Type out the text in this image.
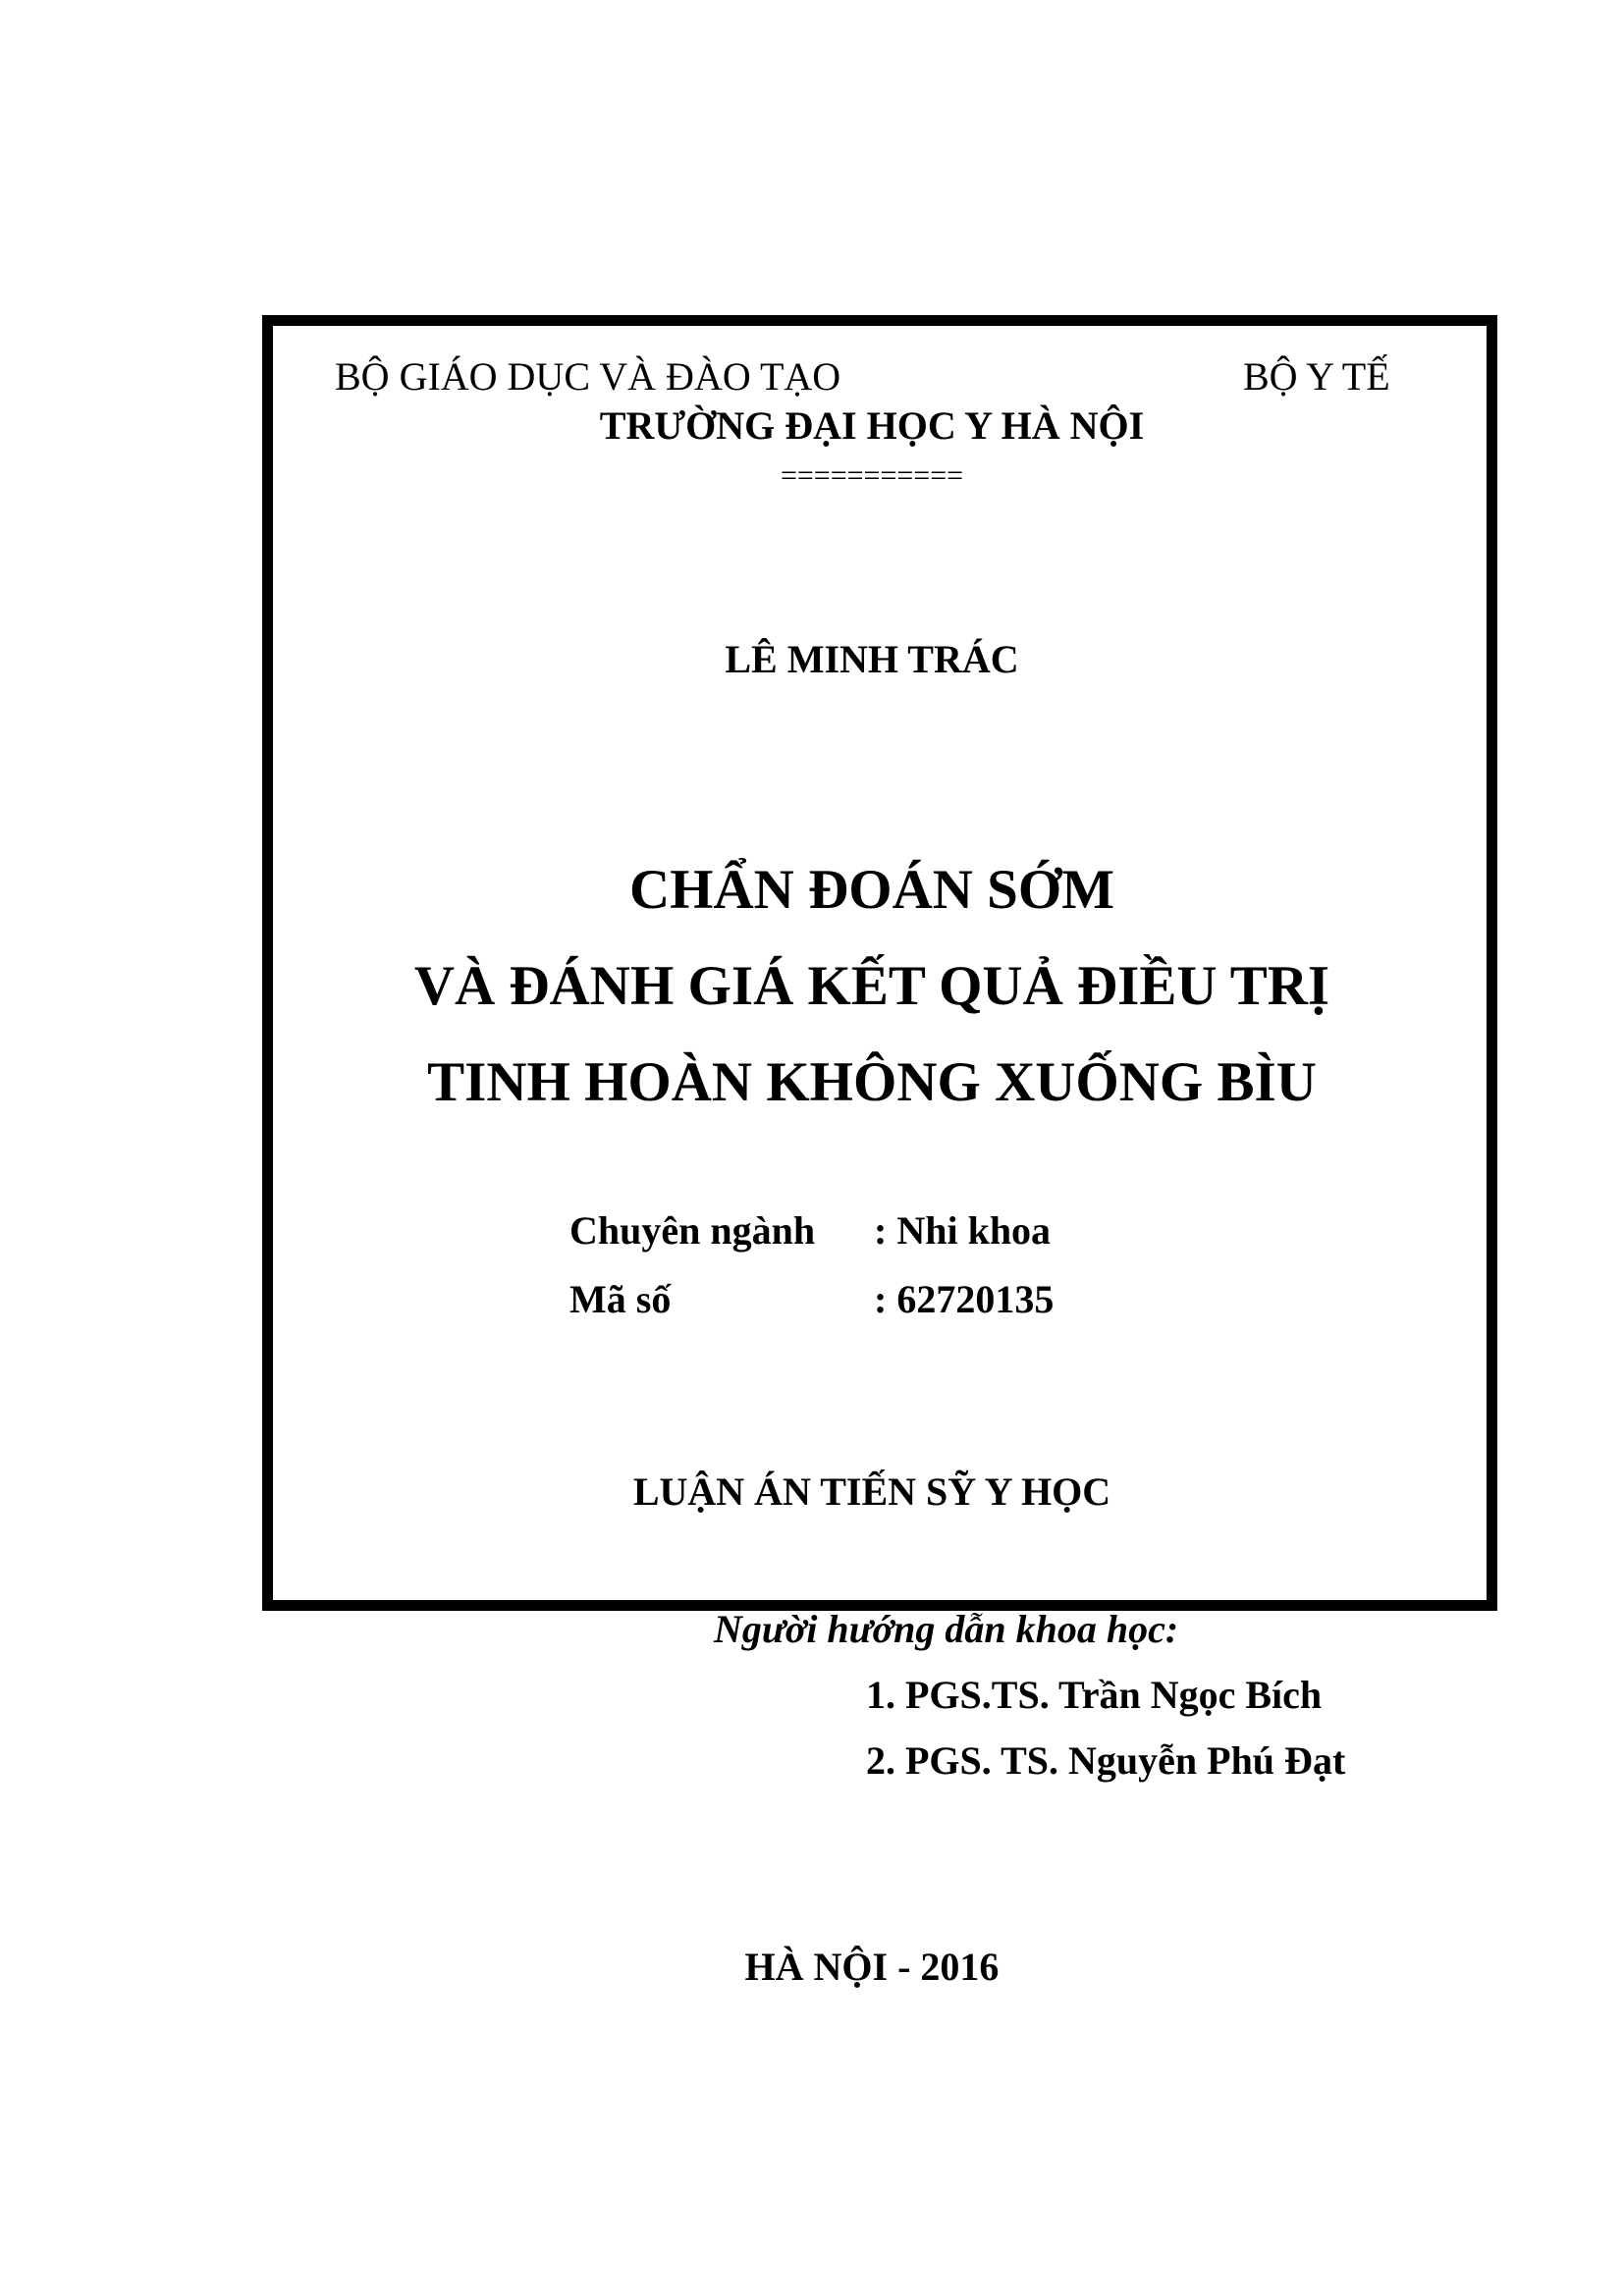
BỘ GIÁO DỤC VÀ ĐÀO TẠO	BỘ Y TẾ
TRƯỜNG ĐẠI HỌC Y HÀ NỘI
===========
LÊ MINH TRÁC
CHẨN ĐOÁN SỚM
VÀ ĐÁNH GIÁ KẾT QUẢ ĐIỀU TRỊ
TINH HOÀN KHÔNG XUỐNG BÌU
Chuyên ngành : Nhi khoa
Mã số	: 62720135
LUẬN ÁN TIẾN SỸ Y HỌC
Người hướng dẫn khoa học:
1. PGS.TS. Trần Ngọc Bích
2. PGS. TS. Nguyễn Phú Đạt
HÀ NỘI - 2016
